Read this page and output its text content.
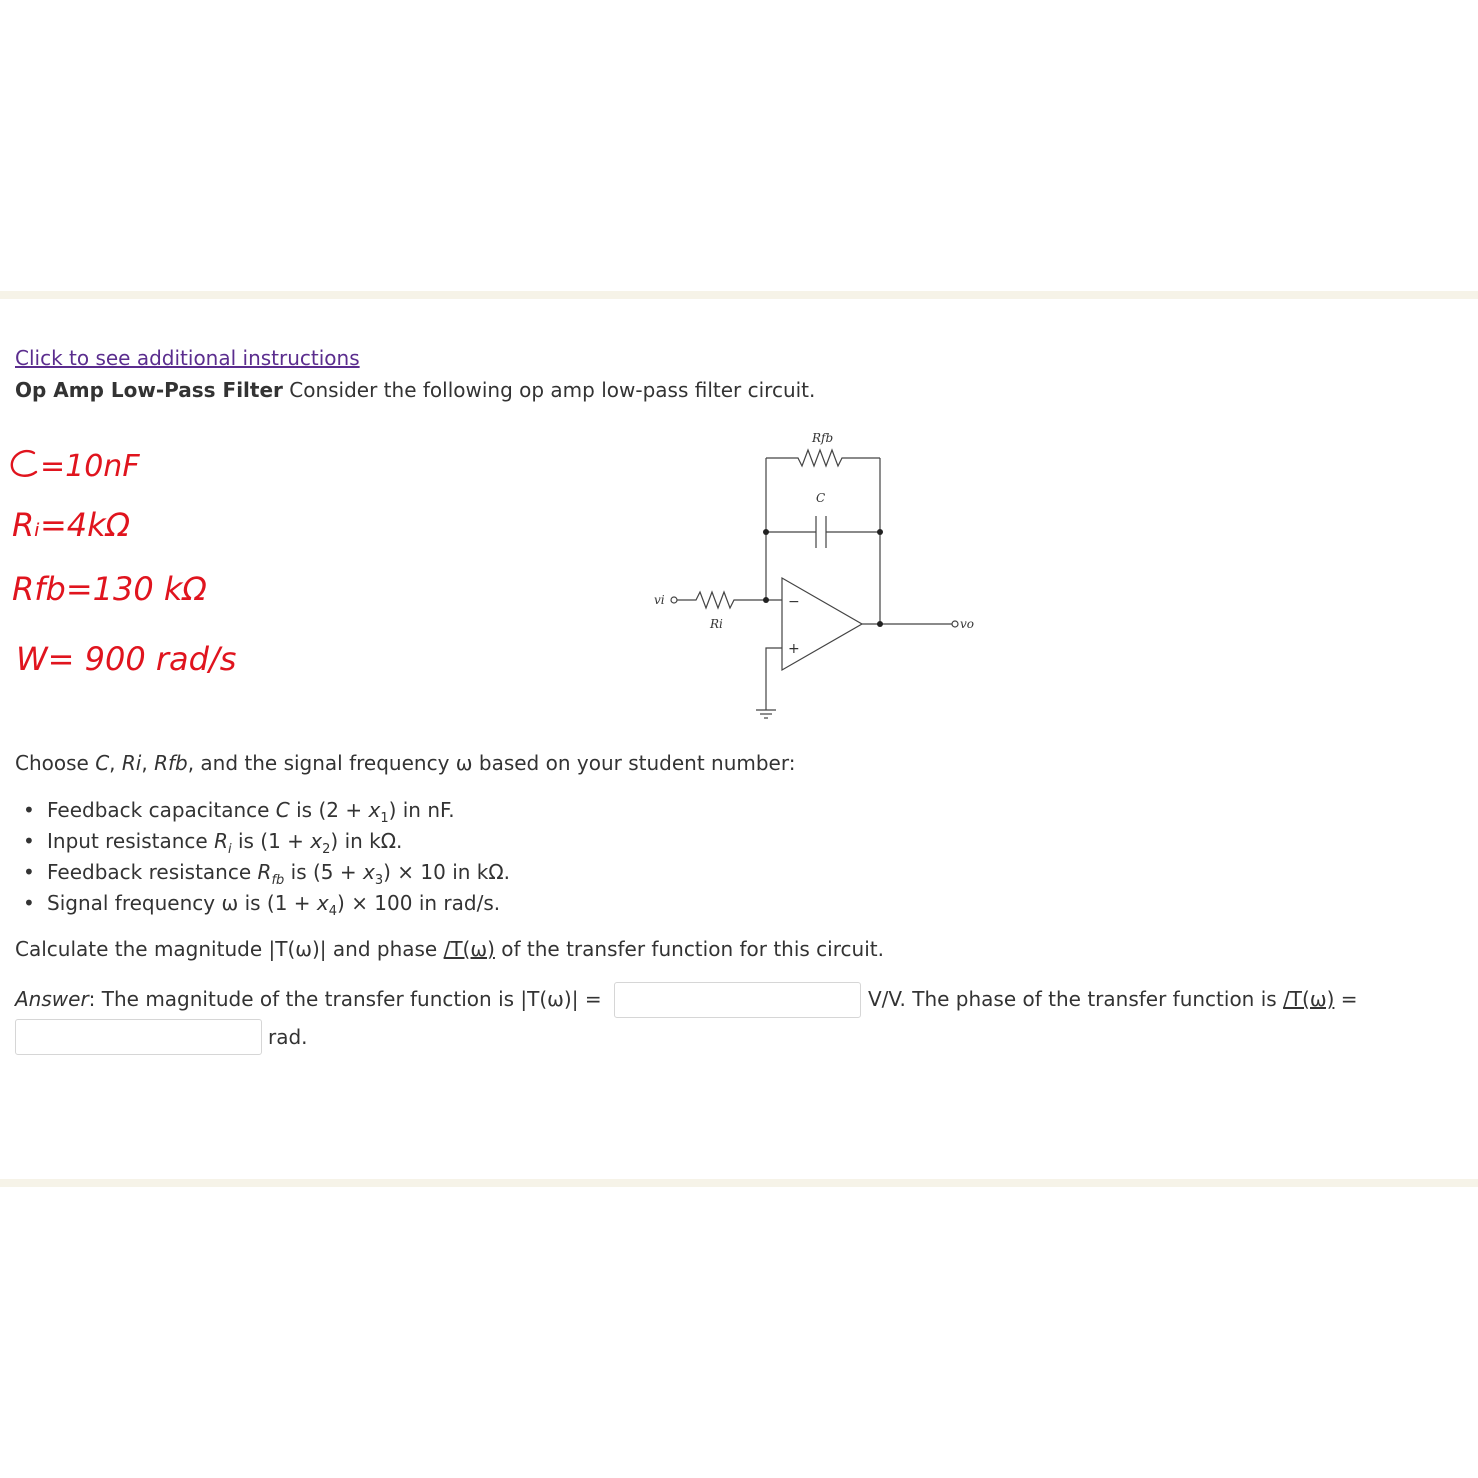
Click to see additional instructions
Op Amp Low-Pass Filter Consider the following op amp low-pass filter circuit.
=10nF
Rᵢ=4kΩ
Rfb=130 kΩ
W= 900 rad/s
Rfb
C
Ri
vi
vo
−
+
Choose C, Ri, Rfb, and the signal frequency ω based on your student number:
• Feedback capacitance C is $(2 + x_1)$ in nF.
• Input resistance $R_i$ is $(1 + x_2)$ in kΩ.
• Feedback resistance $R_{fb}$ is $(5 + x_3) \times 10$ in kΩ.
• Signal frequency ω is $(1 + x_4) \times 100$ in rad/s.
Calculate the magnitude |T(ω)| and phase /T(ω) of the transfer function for this circuit.
Answer: The magnitude of the transfer function is |T(ω)| =	V/V. The phase of the transfer function is /T(ω) =
rad.
